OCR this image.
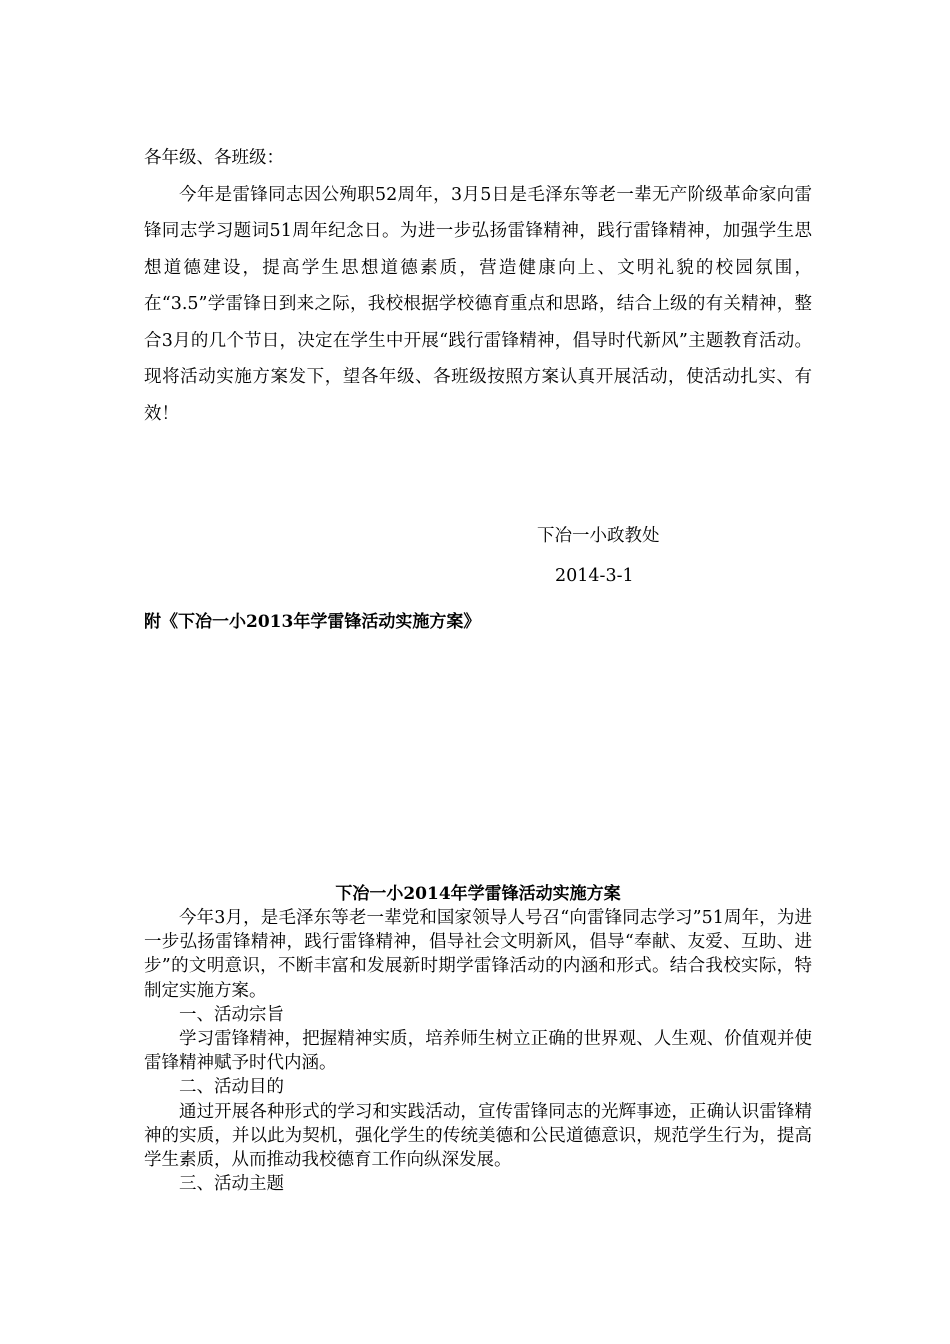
各年级、各班级：

今年是雷锋同志因公殉职52周年，3月5日是毛泽东等老一辈无产阶级革命家向雷锋同志学习题词51周年纪念日。为进一步弘扬雷锋精神，践行雷锋精神，加强学生思想道德建设，提高学生思想道德素质，营造健康向上、文明礼貌的校园氛围，在“3.5”学雷锋日到来之际，我校根据学校德育重点和思路，结合上级的有关精神，整合3月的几个节日，决定在学生中开展“践行雷锋精神，倡导时代新风”主题教育活动。现将活动实施方案发下，望各年级、各班级按照方案认真开展活动，使活动扎实、有效！

下冶一小政教处
2014-3-1
附《下冶一小2013年学雷锋活动实施方案》
下冶一小2014年学雷锋活动实施方案

今年3月，是毛泽东等老一辈党和国家领导人号召“向雷锋同志学习”51周年，为进一步弘扬雷锋精神，践行雷锋精神，倡导社会文明新风，倡导“奉献、友爱、互助、进步”的文明意识，不断丰富和发展新时期学雷锋活动的内涵和形式。结合我校实际，特制定实施方案。

一、活动宗旨

学习雷锋精神，把握精神实质，培养师生树立正确的世界观、人生观、价值观并使雷锋精神赋予时代内涵。

二、活动目的

通过开展各种形式的学习和实践活动，宣传雷锋同志的光辉事迹，正确认识雷锋精神的实质，并以此为契机，强化学生的传统美德和公民道德意识，规范学生行为，提高学生素质，从而推动我校德育工作向纵深发展。

三、活动主题
